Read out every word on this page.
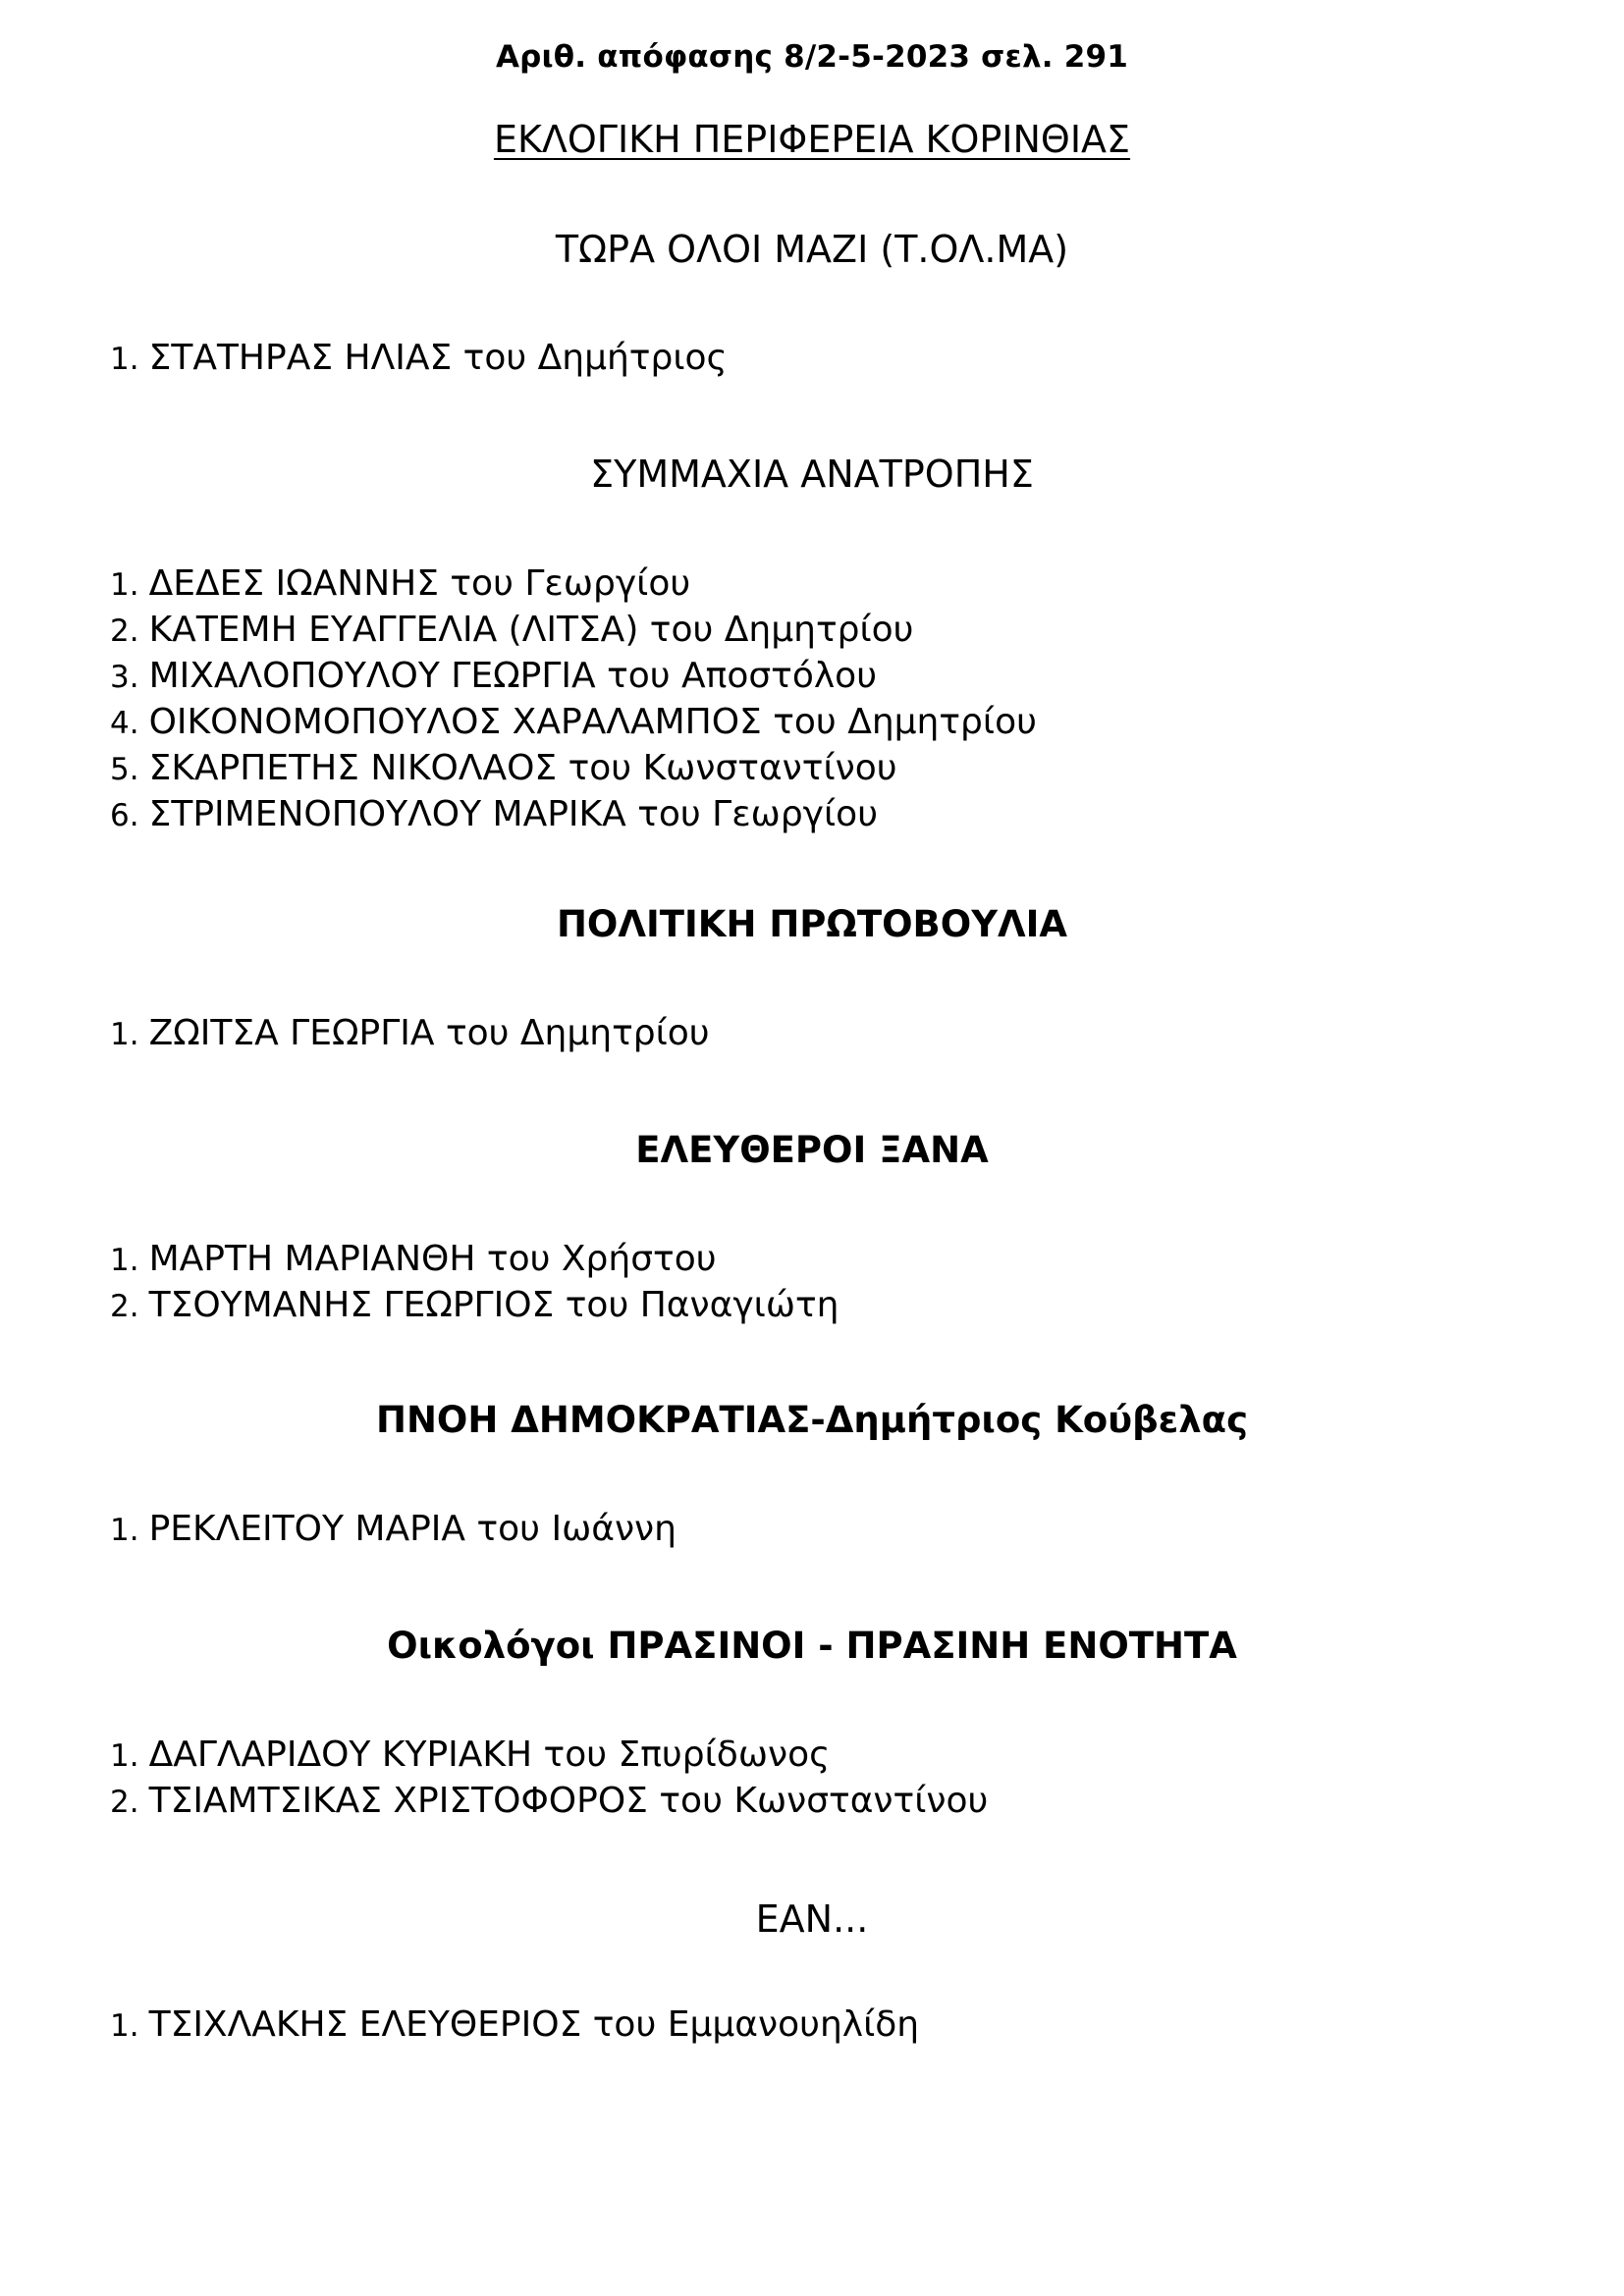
Αριθ. απόφασης 8/2-5-2023 σελ. 291
ΕΚΛΟΓΙΚΗ ΠΕΡΙΦΕΡΕΙΑ ΚΟΡΙΝΘΙΑΣ
ΤΩΡΑ ΟΛΟΙ ΜΑΖΙ (Τ.ΟΛ.ΜΑ)
1. ΣΤΑΤΗΡΑΣ ΗΛΙΑΣ του Δημήτριος
ΣΥΜΜΑΧΙΑ ΑΝΑΤΡΟΠΗΣ
1. ΔΕΔΕΣ ΙΩΑΝΝΗΣ του Γεωργίου
2. ΚΑΤΕΜΗ ΕΥΑΓΓΕΛΙΑ (ΛΙΤΣΑ) του Δημητρίου
3. ΜΙΧΑΛΟΠΟΥΛΟΥ ΓΕΩΡΓΙΑ του Αποστόλου
4. ΟΙΚΟΝΟΜΟΠΟΥΛΟΣ ΧΑΡΑΛΑΜΠΟΣ του Δημητρίου
5. ΣΚΑΡΠΕΤΗΣ ΝΙΚΟΛΑΟΣ του Κωνσταντίνου
6. ΣΤΡΙΜΕΝΟΠΟΥΛΟΥ ΜΑΡΙΚΑ του Γεωργίου
ΠΟΛΙΤΙΚΗ ΠΡΩΤΟΒΟΥΛΙΑ
1. ΖΩΙΤΣΑ ΓΕΩΡΓΙΑ του Δημητρίου
ΕΛΕΥΘΕΡΟΙ ΞΑΝΑ
1. ΜΑΡΤΗ ΜΑΡΙΑΝΘΗ του Χρήστου
2. ΤΣΟΥΜΑΝΗΣ ΓΕΩΡΓΙΟΣ του Παναγιώτη
ΠΝΟΗ ΔΗΜΟΚΡΑΤΙΑΣ-Δημήτριος Κούβελας
1. ΡΕΚΛΕΙΤΟΥ ΜΑΡΙΑ του Ιωάννη
Οικολόγοι ΠΡΑΣΙΝΟΙ - ΠΡΑΣΙΝΗ ΕΝΟΤΗΤΑ
1. ΔΑΓΛΑΡΙΔΟΥ ΚΥΡΙΑΚΗ του Σπυρίδωνος
2. ΤΣΙΑΜΤΣΙΚΑΣ ΧΡΙΣΤΟΦΟΡΟΣ του Κωνσταντίνου
ΕΑΝ...
1. ΤΣΙΧΛΑΚΗΣ ΕΛΕΥΘΕΡΙΟΣ του Εμμανουηλίδη
